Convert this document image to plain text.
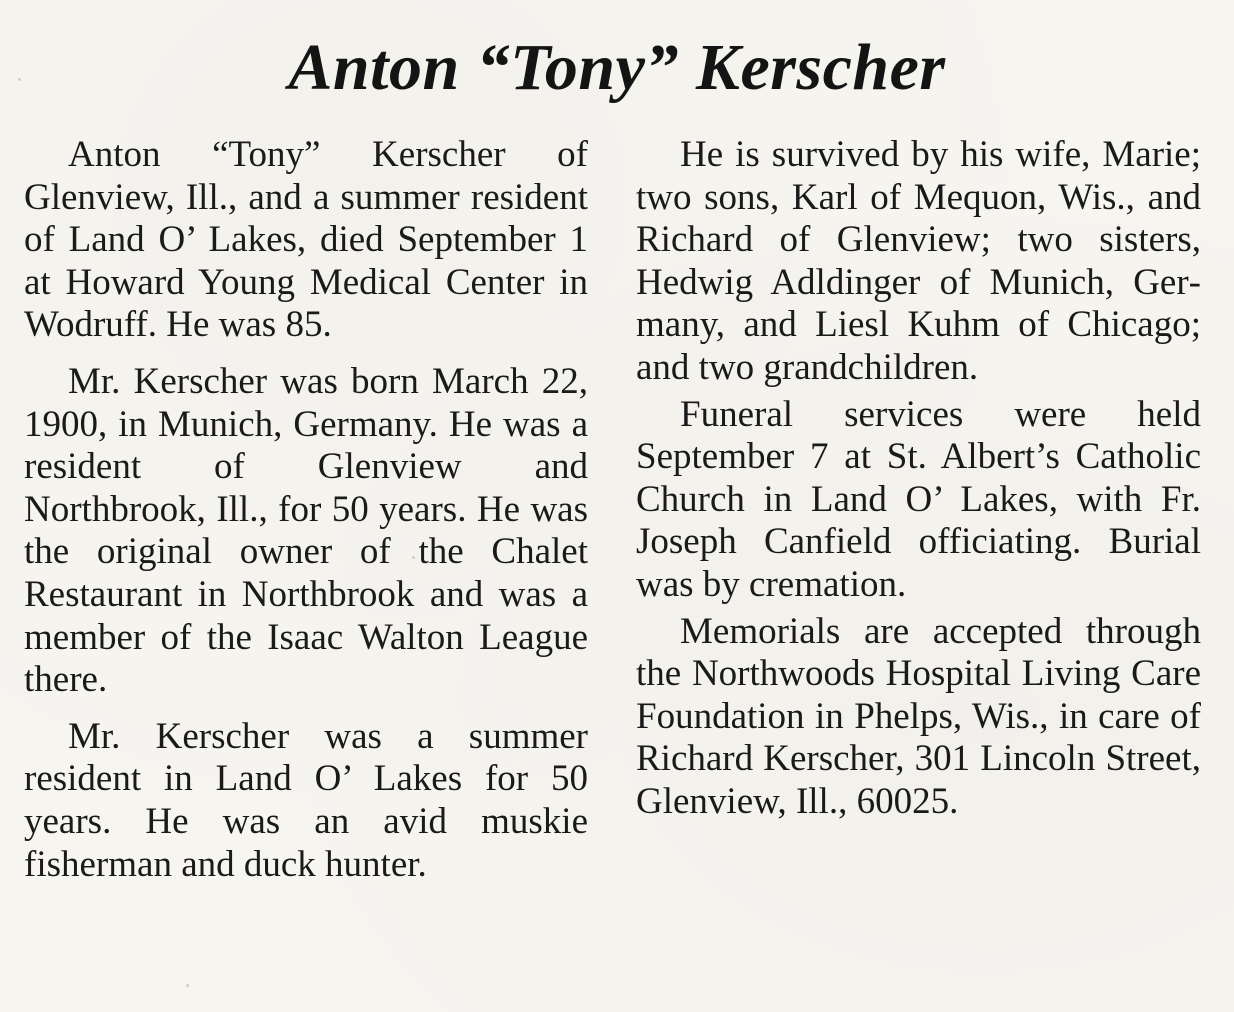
Anton “Tony” Kerscher

Anton “Tony” Kerscher of Glenview, Ill., and a summer resident of Land O’ Lakes, died September 1 at Howard Young Medical Center in Wodruff. He was 85.

Mr. Kerscher was born March 22, 1900, in Munich, Germany. He was a resident of Glenview and Northbrook, Ill., for 50 years. He was the original owner of the Chalet Restaurant in Northbrook and was a member of the Isaac Walton League there.

Mr. Kerscher was a summer resident in Land O’ Lakes for 50 years. He was an avid muskie fisherman and duck hunter.

He is survived by his wife, Marie; two sons, Karl of Mequon, Wis., and Richard of Glenview; two sisters, Hedwig Adldinger of Munich, Germany, and Liesl Kuhm of Chicago; and two grandchildren.

Funeral services were held September 7 at St. Albert’s Catholic Church in Land O’ Lakes, with Fr. Joseph Canfield officiating. Burial was by cremation.

Memorials are accepted through the Northwoods Hospital Living Care Foundation in Phelps, Wis., in care of Richard Kerscher, 301 Lincoln Street, Glenview, Ill., 60025.
